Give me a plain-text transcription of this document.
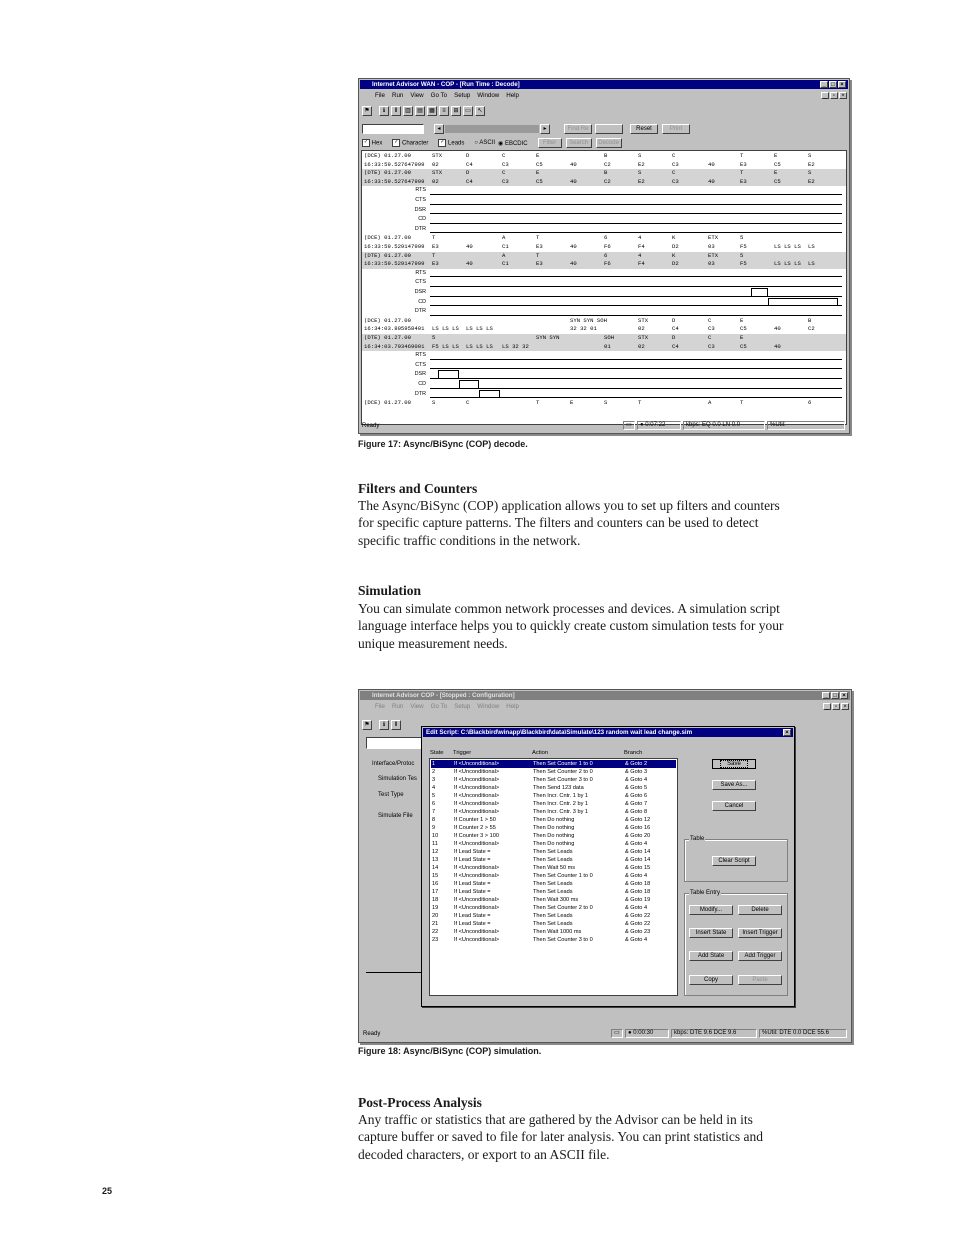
Internet Advisor WAN - COP - [Run Time : Decode]	_ □ ×
File Run View Go To Setup Window Help	_	▫	×
⚑	ℹ	Ⅱ	▥	▤	▦	≡	⊞	▭	↖
◂	▸	Find Re	Reset	Print
✓ Hex	✓ Character	✓ Leads ○ ASCII ◉ EBCDIC	Filter	Search	Decode
(DCE) 01.27.00	STX	D	C	E	B	S	C	T	E	S
16:33:59.527647999 02	C4	C3	C5	40	C2	E2	C3	40	E3	C5	E2
(DTE) 01.27.00	STX	D	C	E	B	S	C	T	E	S
16:33:59.527647999 02	C4	C3	C5	40	C2	E2	C3	40	E3	C5	E2
RTS
CTS
DSR
CD
DTR
(DCE) 01.27.00	T	A	T	6	4	K	ETX	5
16:33:59.529147999 E3	40	C1	E3	40	F6	F4	D2	03	F5	LS LS LS LS
(DTE) 01.27.00	T	A	T	6	4	K	ETX	5
16:33:59.529147999 E3	40	C1	E3	40	F6	F4	D2	03	F5	LS LS LS LS
RTS
CTS
DSR
CD
DTR
(DCE) 01.27.00	SYN SYN SOH	STX	D	C	E	B
16:34:03.805958401 LS LS LS LS LS LS	32 32 01	02	C4	C3	C5	40	C2
(DTE) 01.27.00	5	SYN SYN	SOH	STX	D	C	E
16:34:03.793469001 F5 LS LS LS LS LS LS 32 32	01	02	C4	C3	C5	40
RTS
CTS
DSR
CD
DTR
(DCE) 01.27.00	S	C	T	E	S	T	A	T	6
Ready	▭	● 0:07:22	kbps: EQ 0.0 LN 0.0	%Util:
Figure 17: Async/BiSync (COP) decode.
Filters and Counters
The Async/BiSync (COP) application allows you to set up filters and counters
for specific capture patterns. The filters and counters can be used to detect
specific traffic conditions in the network.
Simulation
You can simulate common network processes and devices. A simulation script
language interface helps you to quickly create custom simulation tests for your
unique measurement needs.
Internet Advisor COP - [Stopped : Configuration]	_ □ ×
File Run View Go To Setup Window Help	_	▫	×
⚑	ℹ	Ⅱ
Interface/Protoc
Simulation Tes
Test Type
Simulate File
Edit Script: C:\Blackbird\winapp\Blackbird\data\Simulate\123 random wait lead change.sim	×
State Trigger	Action	Branch
1	If <Unconditional>	Then Set Counter 1 to 0	& Goto 2
2	If <Unconditional>	Then Set Counter 2 to 0	& Goto 3
3	If <Unconditional>	Then Set Counter 3 to 0	& Goto 4
4	If <Unconditional>	Then Send 123 data	& Goto 5
5	If <Unconditional>	Then Incr. Cntr. 1 by 1	& Goto 6
6	If <Unconditional>	Then Incr. Cntr. 2 by 1	& Goto 7
7	If <Unconditional>	Then Incr. Cntr. 3 by 1	& Goto 8
8	If Counter 1 > 50	Then Do nothing	& Goto 12
9	If Counter 2 > 55	Then Do nothing	& Goto 16
10	If Counter 3 > 100	Then Do nothing	& Goto 20
11	If <Unconditional>	Then Do nothing	& Goto 4
12	If Lead State =	Then Set Leads	& Goto 14
13	If Lead State =	Then Set Leads	& Goto 14
14	If <Unconditional>	Then Wait 50 ms	& Goto 15
15	If <Unconditional>	Then Set Counter 1 to 0	& Goto 4
16	If Lead State =	Then Set Leads	& Goto 18
17	If Lead State =	Then Set Leads	& Goto 18
18	If <Unconditional>	Then Wait 300 ms	& Goto 19
19	If <Unconditional>	Then Set Counter 2 to 0	& Goto 4
20	If Lead State =	Then Set Leads	& Goto 22
21	If Lead State =	Then Set Leads	& Goto 22
22	If <Unconditional>	Then Wait 1000 ms	& Goto 23
23	If <Unconditional>	Then Set Counter 3 to 0	& Goto 4
Save
Save As...
Cancel
Table
Clear Script
Table Entry
Modify...	Delete
Insert State	Insert Trigger
Add State	Add Trigger
Copy	Paste
Ready	▭	● 0:00:30	kbps: DTE 9.6 DCE 9.6	%Util: DTE 0.0 DCE 55.6
Figure 18: Async/BiSync (COP) simulation.
Post-Process Analysis
Any traffic or statistics that are gathered by the Advisor can be held in its
capture buffer or saved to file for later analysis. You can print statistics and
decoded characters, or export to an ASCII file.
25
